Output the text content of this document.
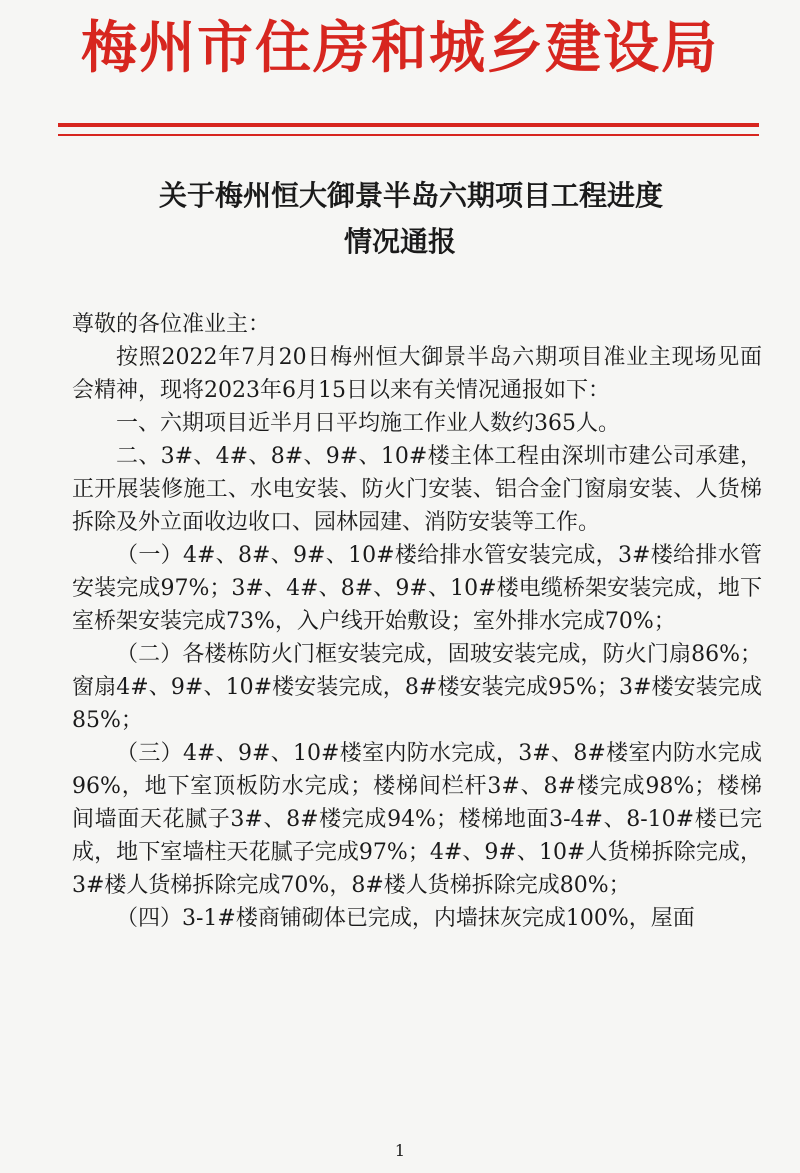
梅州市住房和城乡建设局
关于梅州恒大御景半岛六期项目工程进度
情况通报

尊敬的各位准业主：

按照2022年7月20日梅州恒大御景半岛六期项目准业主现场见面会精神，现将2023年6月15日以来有关情况通报如下：

一、六期项目近半月日平均施工作业人数约365人。

二、3#、4#、8#、9#、10#楼主体工程由深圳市建公司承建，正开展装修施工、水电安装、防火门安装、铝合金门窗扇安装、人货梯拆除及外立面收边收口、园林园建、消防安装等工作。

（一）4#、8#、9#、10#楼给排水管安装完成，3#楼给排水管安装完成97%；3#、4#、8#、9#、10#楼电缆桥架安装完成，地下室桥架安装完成73%，入户线开始敷设；室外排水完成70%；

（二）各楼栋防火门框安装完成，固玻安装完成，防火门扇86%；窗扇4#、9#、10#楼安装完成，8#楼安装完成95%；3#楼安装完成85%；

（三）4#、9#、10#楼室内防水完成，3#、8#楼室内防水完成96%，地下室顶板防水完成；楼梯间栏杆3#、8#楼完成98%；楼梯间墙面天花腻子3#、8#楼完成94%；楼梯地面3-4#、8-10#楼已完成，地下室墙柱天花腻子完成97%；4#、9#、10#人货梯拆除完成，3#楼人货梯拆除完成70%，8#楼人货梯拆除完成80%；

（四）3-1#楼商铺砌体已完成，内墙抹灰完成100%，屋面

1
